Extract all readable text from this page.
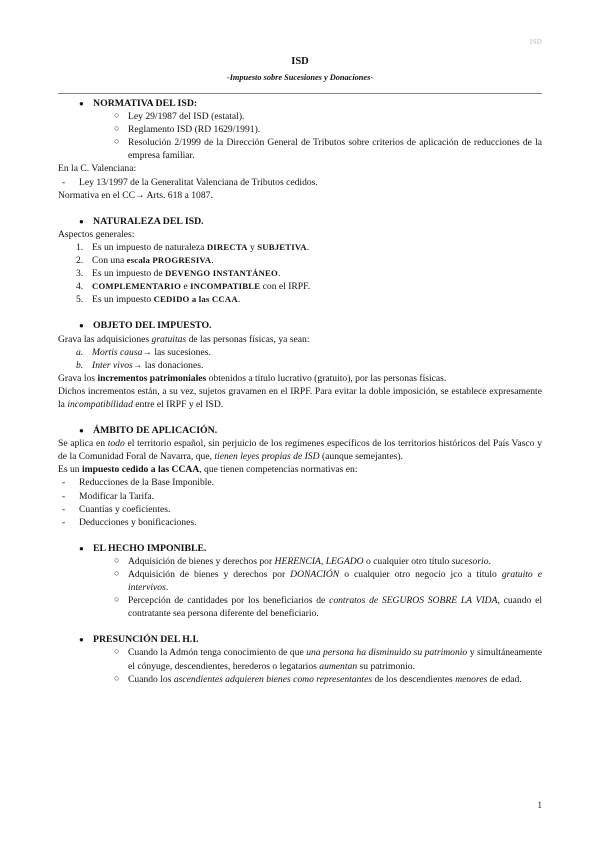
ISD
ISD
-Impuesto sobre Sucesiones y Donaciones-
● NORMATIVA DEL ISD:
○ Ley 29/1987 del ISD (estatal).
○ Reglamento ISD (RD 1629/1991).
○ Resolución 2/1999 de la Dirección General de Tributos sobre criterios de aplicación de reducciones de la empresa familiar.
En la C. Valenciana:
- Ley 13/1997 de la Generalitat Valenciana de Tributos cedidos.
Normativa en el CC→ Arts. 618 a 1087.
● NATURALEZA DEL ISD.
Aspectos generales:
1. Es un impuesto de naturaleza DIRECTA y SUBJETIVA.
2. Con una escala PROGRESIVA.
3. Es un impuesto de DEVENGO INSTANTÁNEO.
4. COMPLEMENTARIO e INCOMPATIBLE con el IRPF.
5. Es un impuesto CEDIDO a las CCAA.
● OBJETO DEL IMPUESTO.
Grava las adquisiciones gratuitas de las personas físicas, ya sean:
a. Mortis causa→ las sucesiones.
b. Inter vivos→ las donaciones.
Grava los incrementos patrimoniales obtenidos a título lucrativo (gratuito), por las personas físicas.
Dichos incrementos están, a su vez, sujetos gravamen en el IRPF. Para evitar la doble imposición, se establece expresamente la incompatibilidad entre el IRPF y el ISD.
● ÁMBITO DE APLICACIÓN.
Se aplica en todo el territorio español, sin perjuicio de los regímenes específicos de los territorios históricos del País Vasco y de la Comunidad Foral de Navarra, que, tienen leyes propias de ISD (aunque semejantes).
Es un impuesto cedido a las CCAA, que tienen competencias normativas en:
- Reducciones de la Base Imponible.
- Modificar la Tarifa.
- Cuantías y coeficientes.
- Deducciones y bonificaciones.
● EL HECHO IMPONIBLE.
○ Adquisición de bienes y derechos por HERENCIA, LEGADO o cualquier otro título sucesorio.
○ Adquisición de bienes y derechos por DONACIÓN o cualquier otro negocio jco a título gratuito e intervivos.
○ Percepción de cantidades por los beneficiarios de contratos de SEGUROS SOBRE LA VIDA, cuando el contratante sea persona diferente del beneficiario.
● PRESUNCIÓN DEL H.I.
○ Cuando la Admón tenga conocimiento de que una persona ha disminuido su patrimonio y simultáneamente el cónyuge, descendientes, herederos o legatarios aumentan su patrimonio.
○ Cuando los ascendientes adquieren bienes como representantes de los descendientes menores de edad.
1
